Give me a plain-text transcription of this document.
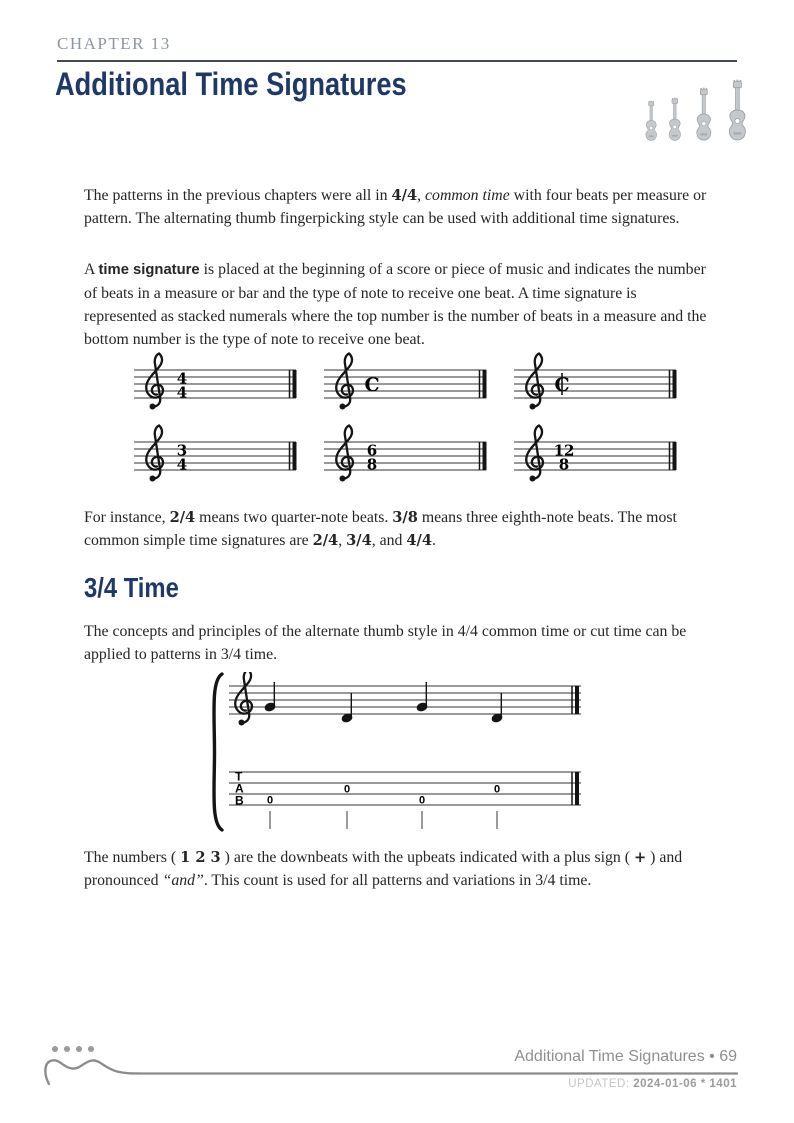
CHAPTER 13
Additional Time Signatures
The patterns in the previous chapters were all in 4/4, common time with four beats per measure or pattern. The alternating thumb fingerpicking style can be used with additional time signatures.
A time signature is placed at the beginning of a score or piece of music and indicates the number of beats in a measure or bar and the type of note to receive one beat. A time signature is represented as stacked numerals where the top number is the number of beats in a measure and the bottom number is the type of note to receive one beat.
4
4	C	C
3
4
6
8
12
8
For instance, 2/4 means two quarter-note beats. 3/8 means three eighth-note beats. The most common simple time signatures are 2/4, 3/4, and 4/4.
3/4 Time
The concepts and principles of the alternate thumb style in 4/4 common time or cut time can be applied to patterns in 3/4 time.
T
A
B 0
0
0
0
The numbers ( 1 2 3 ) are the downbeats with the upbeats indicated with a plus sign ( + ) and pronounced “and”. This count is used for all patterns and variations in 3/4 time.
Additional Time Signatures • 69
UPDATED: 2024-01-06 * 1401
